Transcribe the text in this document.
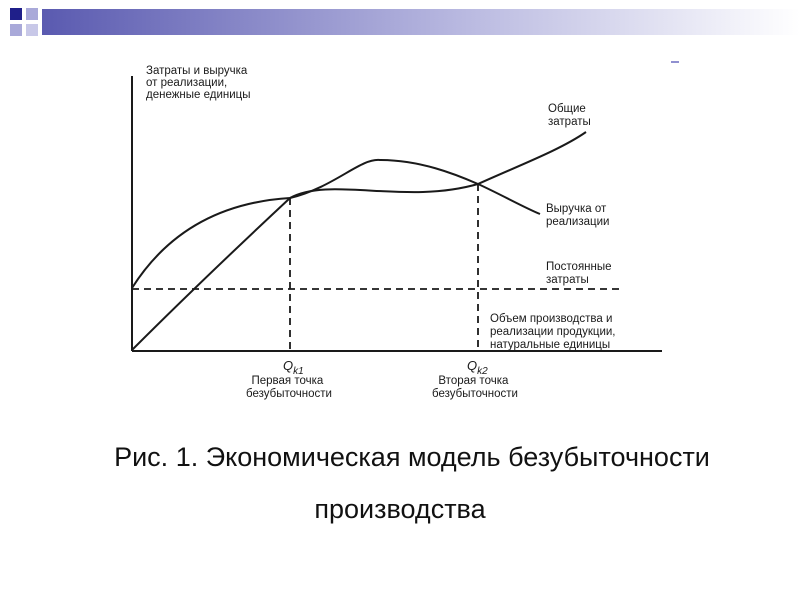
Затраты и выручка от реализации, денежные единицы
Общие затраты
Выручка от реализации
Постоянные затраты
Объем производства и реализации продукции, натуральные единицы
$Q_{k1}$
Первая точка безубыточности
$Q_{k2}$
Вторая точка безубыточности
Рис. 1. Экономическая модель безубыточности
производства
